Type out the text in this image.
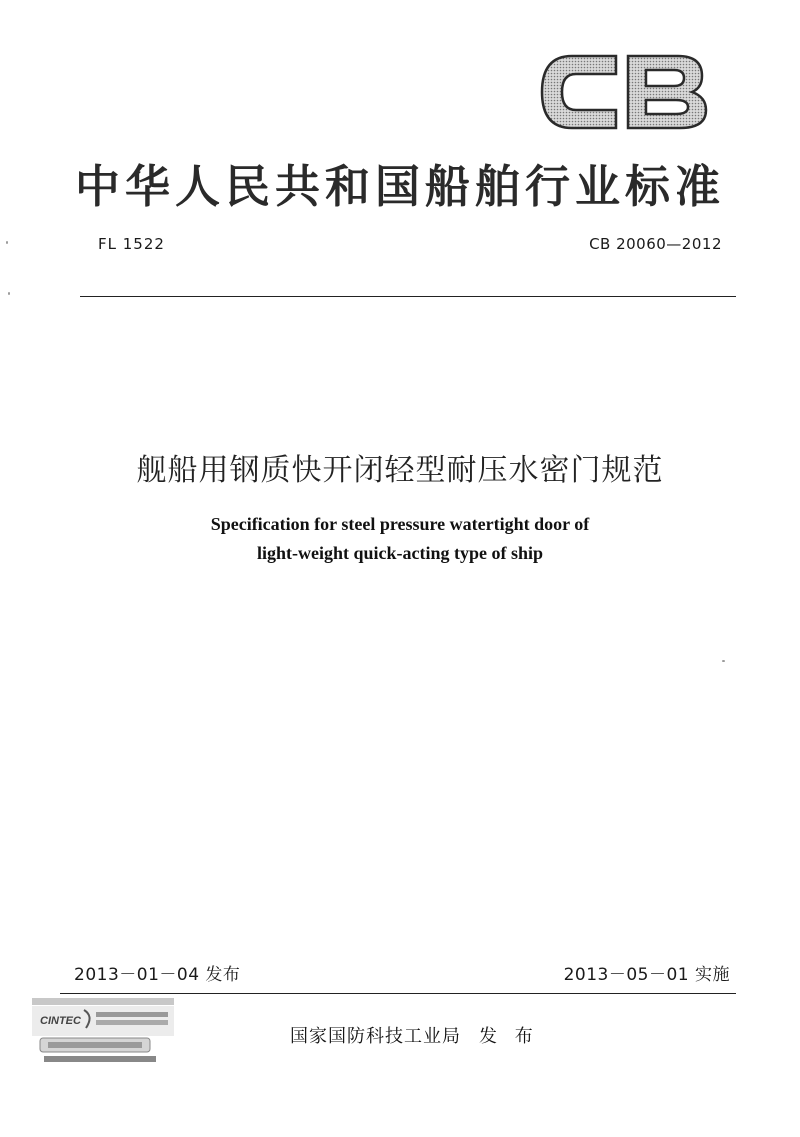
中华人民共和国船舶行业标准
FL 1522	CB 20060—2012
舰船用钢质快开闭轻型耐压水密门规范
Specification for steel pressure watertight door of
light-weight quick-acting type of ship
2013－01－04 发布	2013－05－01 实施
国家国防科技工业局 发 布
CINTEC
